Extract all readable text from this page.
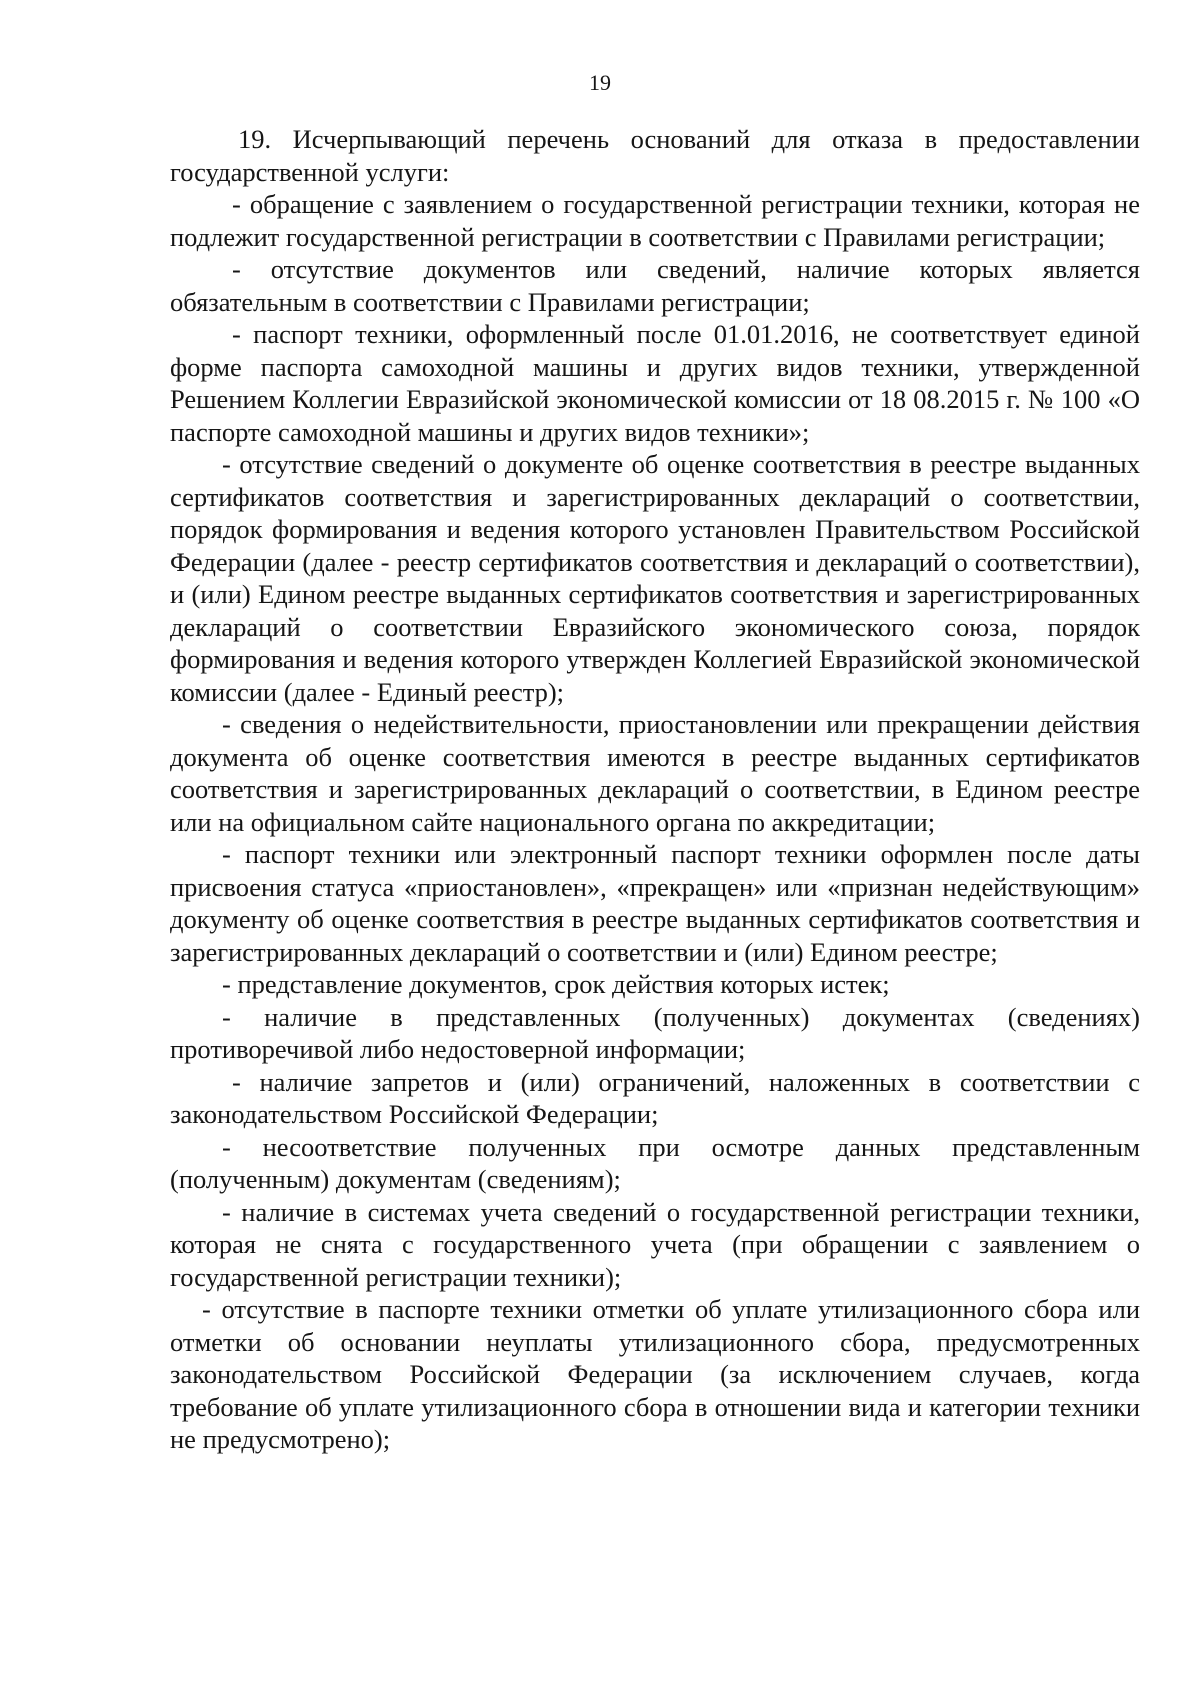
19

19. Исчерпывающий перечень оснований для отказа в предоставлении государственной услуги:

- обращение с заявлением о государственной регистрации техники, которая не подлежит государственной регистрации в соответствии с Правилами регистрации;

- отсутствие документов или сведений, наличие которых является обязательным в соответствии с Правилами регистрации;

- паспорт техники, оформленный после 01.01.2016, не соответствует единой форме паспорта самоходной машины и других видов техники, утвержденной Решением Коллегии Евразийской экономической комиссии от 18 08.2015 г. № 100 «О паспорте самоходной машины и других видов техники»;

- отсутствие сведений о документе об оценке соответствия в реестре выданных сертификатов соответствия и зарегистрированных деклараций о соответствии, порядок формирования и ведения которого установлен Правительством Российской Федерации (далее - реестр сертификатов соответствия и деклараций о соответствии), и (или) Едином реестре выданных сертификатов соответствия и зарегистрированных деклараций о соответствии Евразийского экономического союза, порядок формирования и ведения которого утвержден Коллегией Евразийской экономической комиссии (далее - Единый реестр);

- сведения о недействительности, приостановлении или прекращении действия документа об оценке соответствия имеются в реестре выданных сертификатов соответствия и зарегистрированных деклараций о соответствии, в Едином реестре или на официальном сайте национального органа по аккредитации;

- паспорт техники или электронный паспорт техники оформлен после даты присвоения статуса «приостановлен», «прекращен» или «признан недействующим» документу об оценке соответствия в реестре выданных сертификатов соответствия и зарегистрированных деклараций о соответствии и (или) Едином реестре;

- представление документов, срок действия которых истек;

- наличие в представленных (полученных) документах (сведениях) противоречивой либо недостоверной информации;

- наличие запретов и (или) ограничений, наложенных в соответствии с законодательством Российской Федерации;

- несоответствие полученных при осмотре данных представленным (полученным) документам (сведениям);

- наличие в системах учета сведений о государственной регистрации техники, которая не снята с государственного учета (при обращении с заявлением о государственной регистрации техники);

- отсутствие в паспорте техники отметки об уплате утилизационного сбора или отметки об основании неуплаты утилизационного сбора, предусмотренных законодательством Российской Федерации (за исключением случаев, когда требование об уплате утилизационного сбора в отношении вида и категории техники не предусмотрено);
